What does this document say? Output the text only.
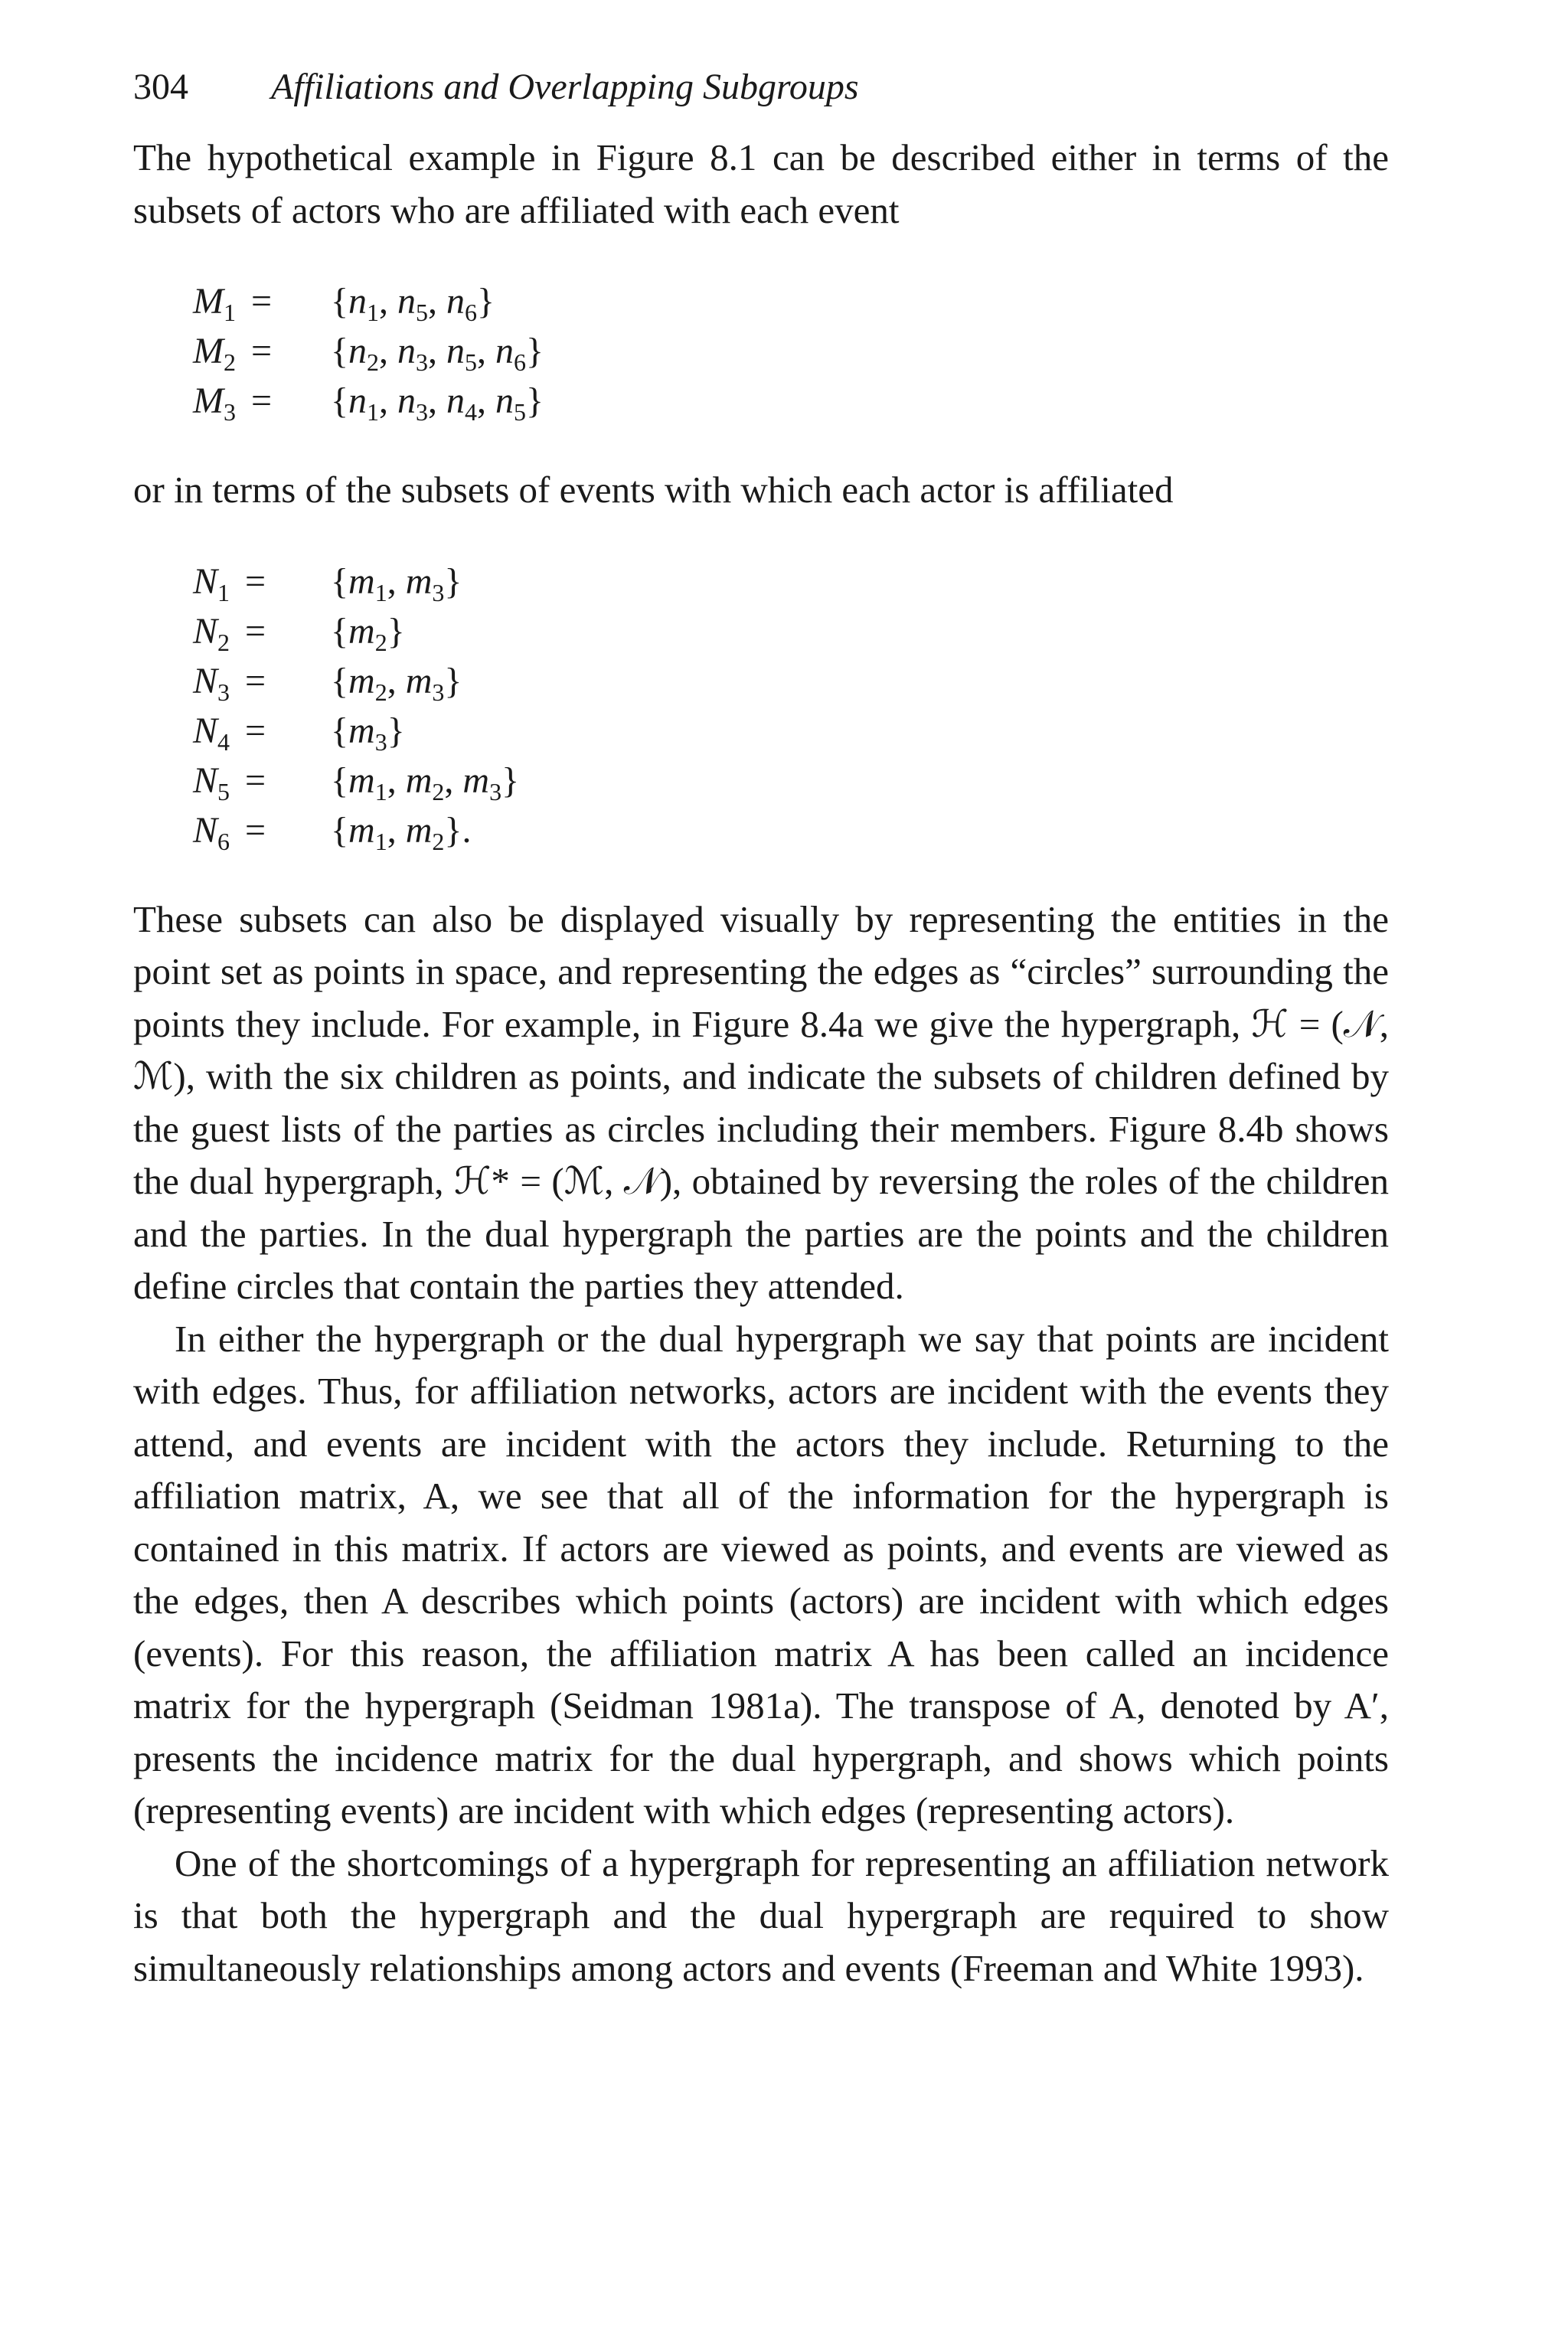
304	Affiliations and Overlapping Subgroups

The hypothetical example in Figure 8.1 can be described either in terms of the subsets of actors who are affiliated with each event

$M_1$ =	{$n_1$, $n_5$, $n_6$}
$M_2$ =	{$n_2$, $n_3$, $n_5$, $n_6$}
$M_3$ =	{$n_1$, $n_3$, $n_4$, $n_5$}

or in terms of the subsets of events with which each actor is affiliated

$N_1$ =	{$m_1$, $m_3$}
$N_2$ =	$\{m_2\}$
$N_3$ =	{$m_2$, $m_3$}
$N_4$ =	$\{m_3\}$
$N_5$ =	{$m_1$, $m_2$, $m_3$}
$N_6$ =	{$m_1$, $m_2$}.

These subsets can also be displayed visually by representing the entities in the point set as points in space, and representing the edges as “circles” surrounding the points they include. For example, in Figure 8.4a we give the hypergraph, ℋ = (𝒩, ℳ), with the six children as points, and indicate the subsets of children defined by the guest lists of the parties as circles including their members. Figure 8.4b shows the dual hypergraph, ℋ* = (ℳ, 𝒩), obtained by reversing the roles of the children and the parties. In the dual hypergraph the parties are the points and the children define circles that contain the parties they attended.

In either the hypergraph or the dual hypergraph we say that points are incident with edges. Thus, for affiliation networks, actors are incident with the events they attend, and events are incident with the actors they include. Returning to the affiliation matrix, A, we see that all of the information for the hypergraph is contained in this matrix. If actors are viewed as points, and events are viewed as the edges, then A describes which points (actors) are incident with which edges (events). For this reason, the affiliation matrix A has been called an incidence matrix for the hypergraph (Seidman 1981a). The transpose of A, denoted by A′, presents the incidence matrix for the dual hypergraph, and shows which points (representing events) are incident with which edges (representing actors).

One of the shortcomings of a hypergraph for representing an affiliation network is that both the hypergraph and the dual hypergraph are required to show simultaneously relationships among actors and events (Freeman and White 1993).
